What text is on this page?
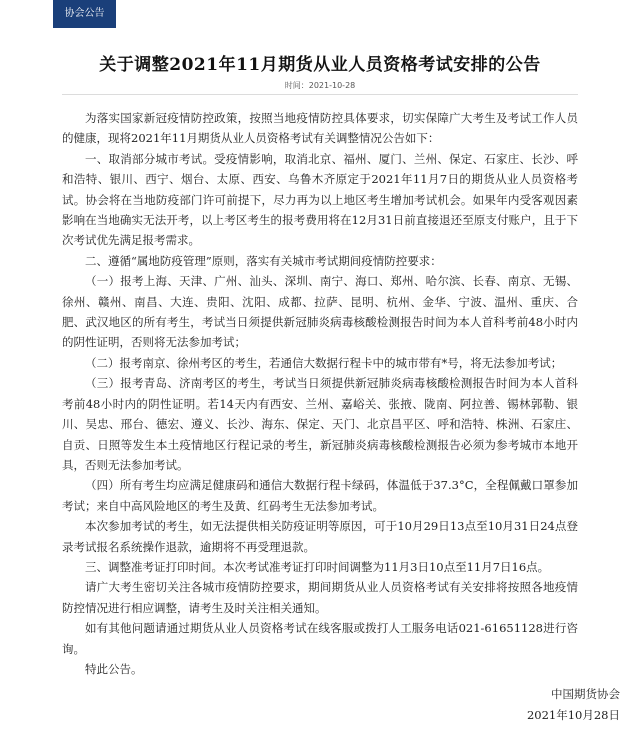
协会公告
关于调整2021年11月期货从业人员资格考试安排的公告
时间：2021-10-28

为落实国家新冠疫情防控政策，按照当地疫情防控具体要求，切实保障广大考生及考试工作人员的健康，现将2021年11月期货从业人员资格考试有关调整情况公告如下：

一、取消部分城市考试。受疫情影响，取消北京、福州、厦门、兰州、保定、石家庄、长沙、呼和浩特、银川、西宁、烟台、太原、西安、乌鲁木齐原定于2021年11月7日的期货从业人员资格考试。协会将在当地防疫部门许可前提下，尽力再为以上地区考生增加考试机会。如果年内受客观因素影响在当地确实无法开考，以上考区考生的报考费用将在12月31日前直接退还至原支付账户，且于下次考试优先满足报考需求。

二、遵循“属地防疫管理”原则，落实有关城市考试期间疫情防控要求：

（一）报考上海、天津、广州、汕头、深圳、南宁、海口、郑州、哈尔滨、长春、南京、无锡、徐州、赣州、南昌、大连、贵阳、沈阳、成都、拉萨、昆明、杭州、金华、宁波、温州、重庆、合肥、武汉地区的所有考生，考试当日须提供新冠肺炎病毒核酸检测报告时间为本人首科考前48小时内的阴性证明，否则将无法参加考试；

（二）报考南京、徐州考区的考生，若通信大数据行程卡中的城市带有*号，将无法参加考试；

（三）报考青岛、济南考区的考生，考试当日须提供新冠肺炎病毒核酸检测报告时间为本人首科考前48小时内的阴性证明。若14天内有西安、兰州、嘉峪关、张掖、陇南、阿拉善、锡林郭勒、银川、吴忠、邢台、德宏、遵义、长沙、海东、保定、天门、北京昌平区、呼和浩特、株洲、石家庄、自贡、日照等发生本土疫情地区行程记录的考生，新冠肺炎病毒核酸检测报告必须为参考城市本地开具，否则无法参加考试。

（四）所有考生均应满足健康码和通信大数据行程卡绿码，体温低于37.3°C，全程佩戴口罩参加考试；来自中高风险地区的考生及黄、红码考生无法参加考试。

本次参加考试的考生，如无法提供相关防疫证明等原因，可于10月29日13点至10月31日24点登录考试报名系统操作退款，逾期将不再受理退款。

三、调整准考证打印时间。本次考试准考证打印时间调整为11月3日10点至11月7日16点。

请广大考生密切关注各城市疫情防控要求，期间期货从业人员资格考试有关安排将按照各地疫情防控情况进行相应调整，请考生及时关注相关通知。

如有其他问题请通过期货从业人员资格考试在线客服或拨打人工服务电话021-61651128进行咨询。

特此公告。

中国期货协会
2021年10月28日
